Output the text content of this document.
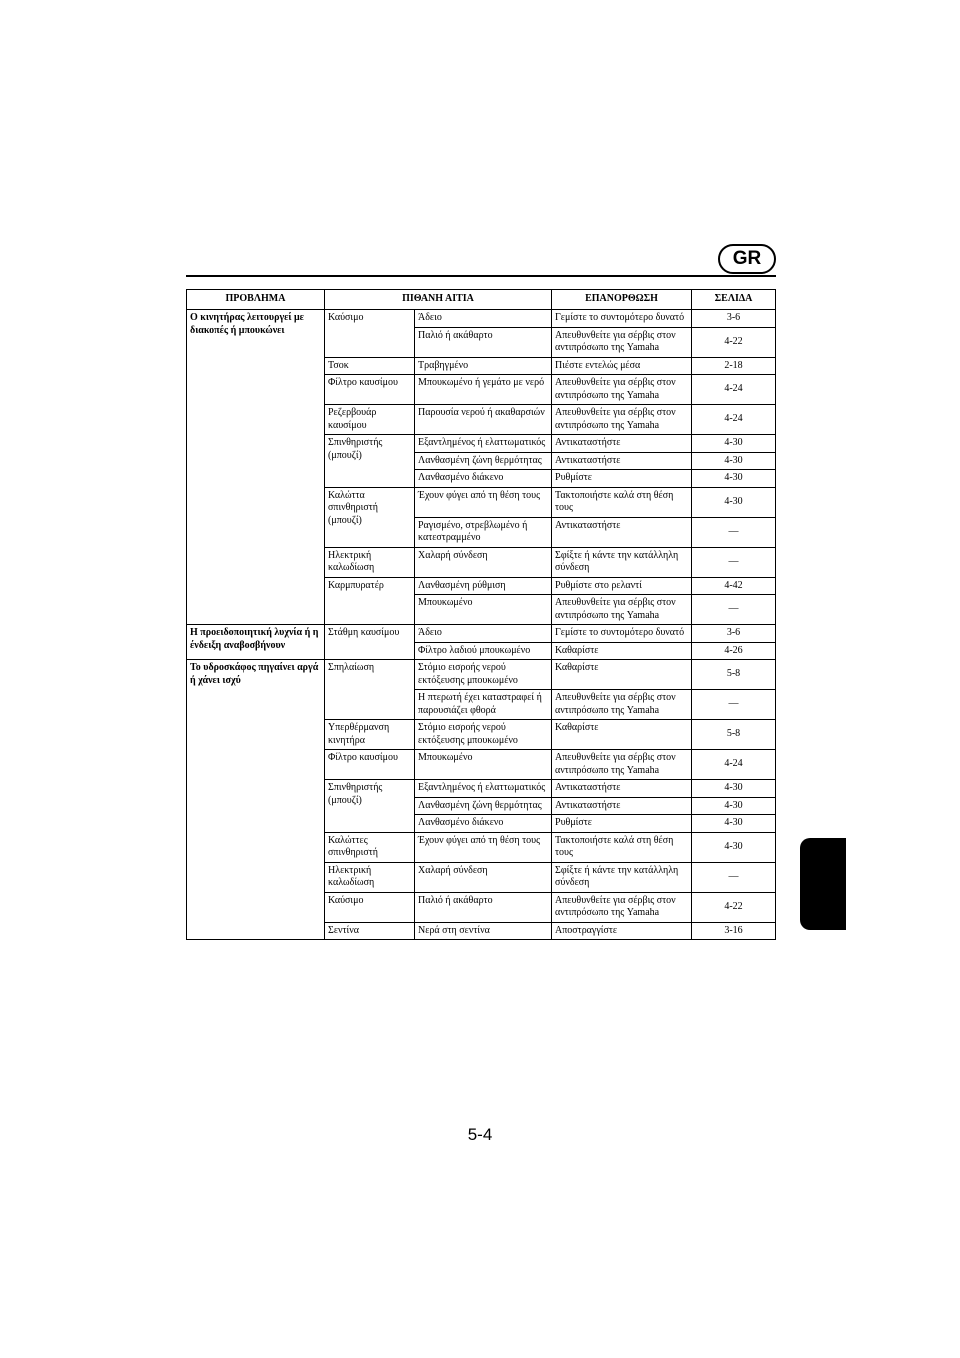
GR
ΠΡΟΒΛΗΜΑ	ΠΙΘΑΝΗ ΑΙΤΙΑ		ΕΠΑΝΟΡΘΩΣΗ	ΣΕΛΙΔΑ
Ο κινητήρας λειτουργεί με διακοπές ή μπουκώνει	Καύσιμο	Άδειο	Γεμίστε το συντομότερο δυνατό	3-6
		Παλιό ή ακάθαρτο	Απευθυνθείτε για σέρβις στον αντιπρόσωπο της Yamaha	4-22
	Τσοκ	Τραβηγμένο	Πιέστε εντελώς μέσα	2-18
	Φίλτρο καυσίμου	Μπουκωμένο ή γεμάτο με νερό	Απευθυνθείτε για σέρβις στον αντιπρόσωπο της Yamaha	4-24
	Ρεζερβουάρ καυσίμου	Παρουσία νερού ή ακαθαρσιών	Απευθυνθείτε για σέρβις στον αντιπρόσωπο της Yamaha	4-24
	Σπινθηριστής (μπουζί)	Εξαντλημένος ή ελαττωματικός	Αντικαταστήστε	4-30
		Λανθασμένη ζώνη θερμότητας	Αντικαταστήστε	4-30
		Λανθασμένο διάκενο	Ρυθμίστε	4-30
	Καλώττα σπινθηριστή (μπουζί)	Έχουν φύγει από τη θέση τους	Τακτοποιήστε καλά στη θέση τους	4-30
		Ραγισμένο, στρεβλωμένο ή κατεστραμμένο	Αντικαταστήστε	—
	Ηλεκτρική καλωδίωση	Χαλαρή σύνδεση	Σφίξτε ή κάντε την κατάλληλη σύνδεση	—
	Καρμπυρατέρ	Λανθασμένη ρύθμιση	Ρυθμίστε στο ρελαντί	4-42
		Μπουκωμένο	Απευθυνθείτε για σέρβις στον αντιπρόσωπο της Yamaha	—
Η προειδοποιητική λυχνία ή η ένδειξη αναβοσβήνουν	Στάθμη καυσίμου	Άδειο	Γεμίστε το συντομότερο δυνατό	3-6
		Φίλτρο λαδιού μπουκωμένο	Καθαρίστε	4-26
Το υδροσκάφος πηγαίνει αργά ή χάνει ισχύ	Σπηλαίωση	Στόμιο εισροής νερού εκτόξευσης μπουκωμένο	Καθαρίστε	5-8
		Η πτερωτή έχει καταστραφεί ή παρουσιάζει φθορά	Απευθυνθείτε για σέρβις στον αντιπρόσωπο της Yamaha	—
	Υπερθέρμανση κινητήρα	Στόμιο εισροής νερού εκτόξευσης μπουκωμένο	Καθαρίστε	5-8
	Φίλτρο καυσίμου	Μπουκωμένο	Απευθυνθείτε για σέρβις στον αντιπρόσωπο της Yamaha	4-24
	Σπινθηριστής (μπουζί)	Εξαντλημένος ή ελαττωματικός	Αντικαταστήστε	4-30
		Λανθασμένη ζώνη θερμότητας	Αντικαταστήστε	4-30
		Λανθασμένο διάκενο	Ρυθμίστε	4-30
	Καλώττες σπινθηριστή	Έχουν φύγει από τη θέση τους	Τακτοποιήστε καλά στη θέση τους	4-30
	Ηλεκτρική καλωδίωση	Χαλαρή σύνδεση	Σφίξτε ή κάντε την κατάλληλη σύνδεση	—
	Καύσιμο	Παλιό ή ακάθαρτο	Απευθυνθείτε για σέρβις στον αντιπρόσωπο της Yamaha	4-22
	Σεντίνα	Νερά στη σεντίνα	Αποστραγγίστε	3-16
5-4
